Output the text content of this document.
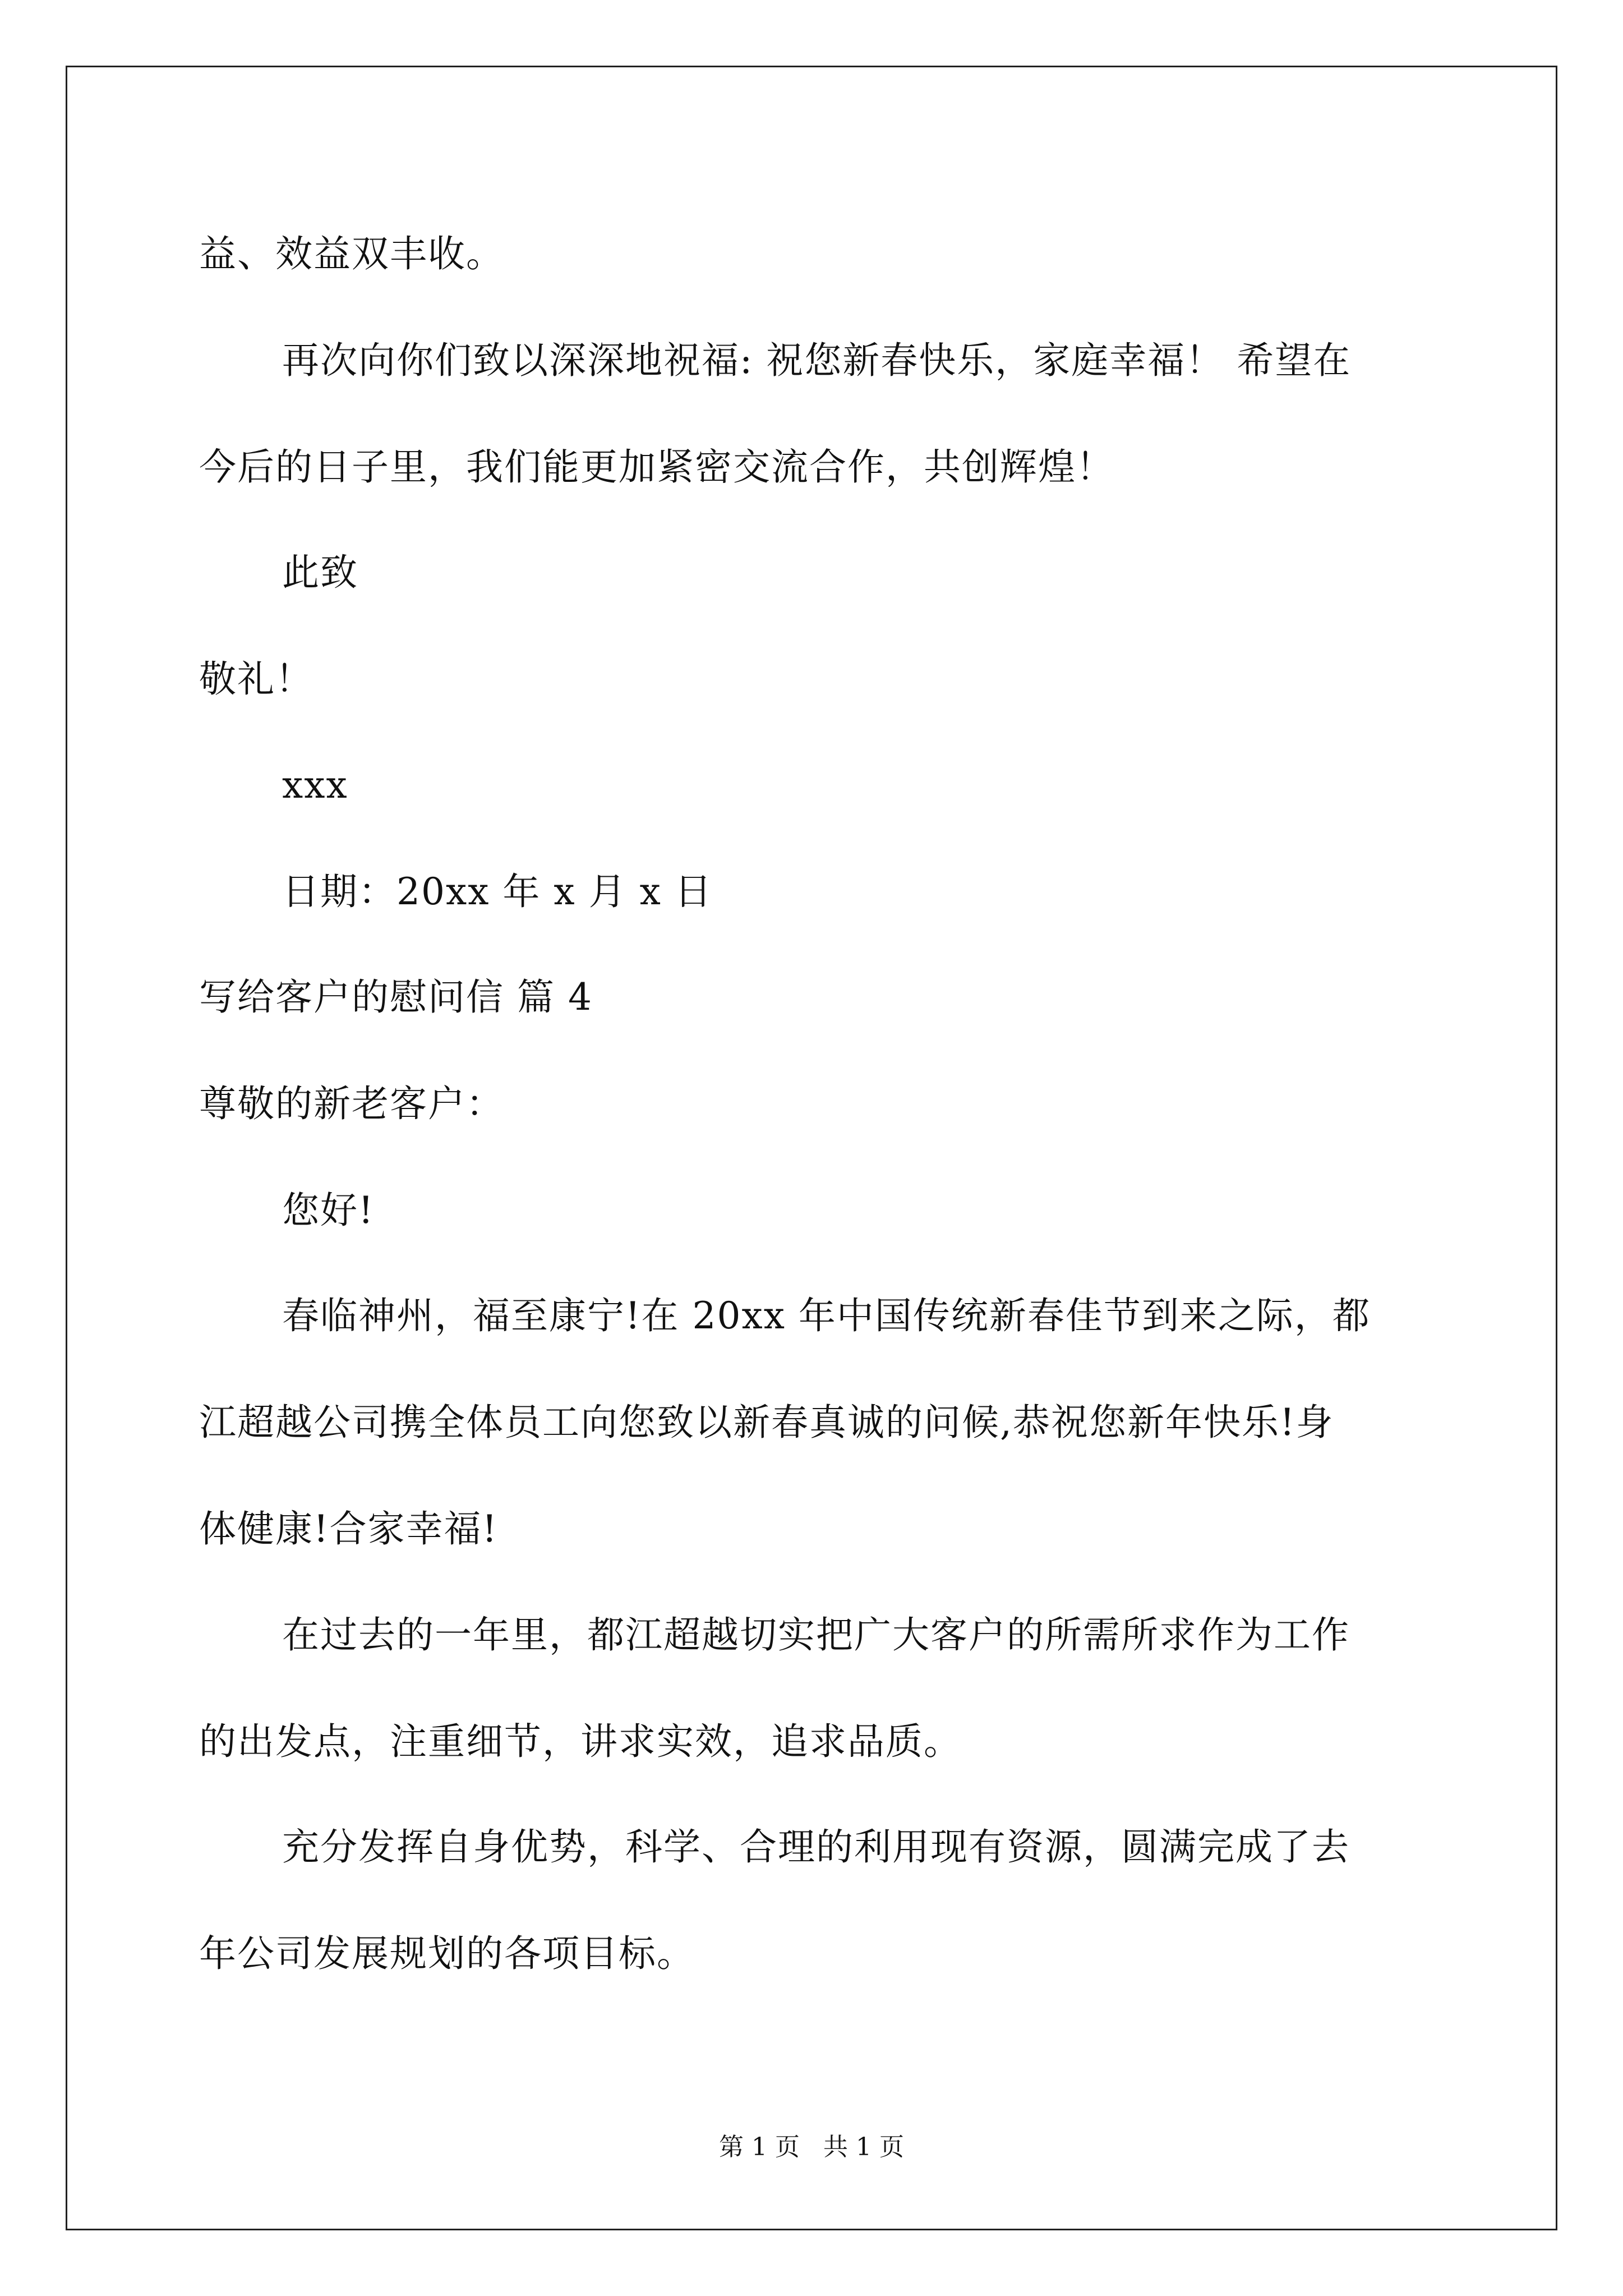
益、效益双丰收。
再次向你们致以深深地祝福: 祝您新春快乐，家庭幸福！ 希望在
今后的日子里，我们能更加紧密交流合作，共创辉煌！
此致
敬礼！
xxx
日期：20xx 年 x 月 x 日
写给客户的慰问信 篇 4
尊敬的新老客户：
您好!
春临神州，福至康宁!在 20xx 年中国传统新春佳节到来之际，都
江超越公司携全体员工向您致以新春真诚的问候,恭祝您新年快乐!身
体健康!合家幸福!
在过去的一年里，都江超越切实把广大客户的所需所求作为工作
的出发点，注重细节，讲求实效，追求品质。
充分发挥自身优势，科学、合理的利用现有资源，圆满完成了去
年公司发展规划的各项目标。
第 1 页   共 1 页
